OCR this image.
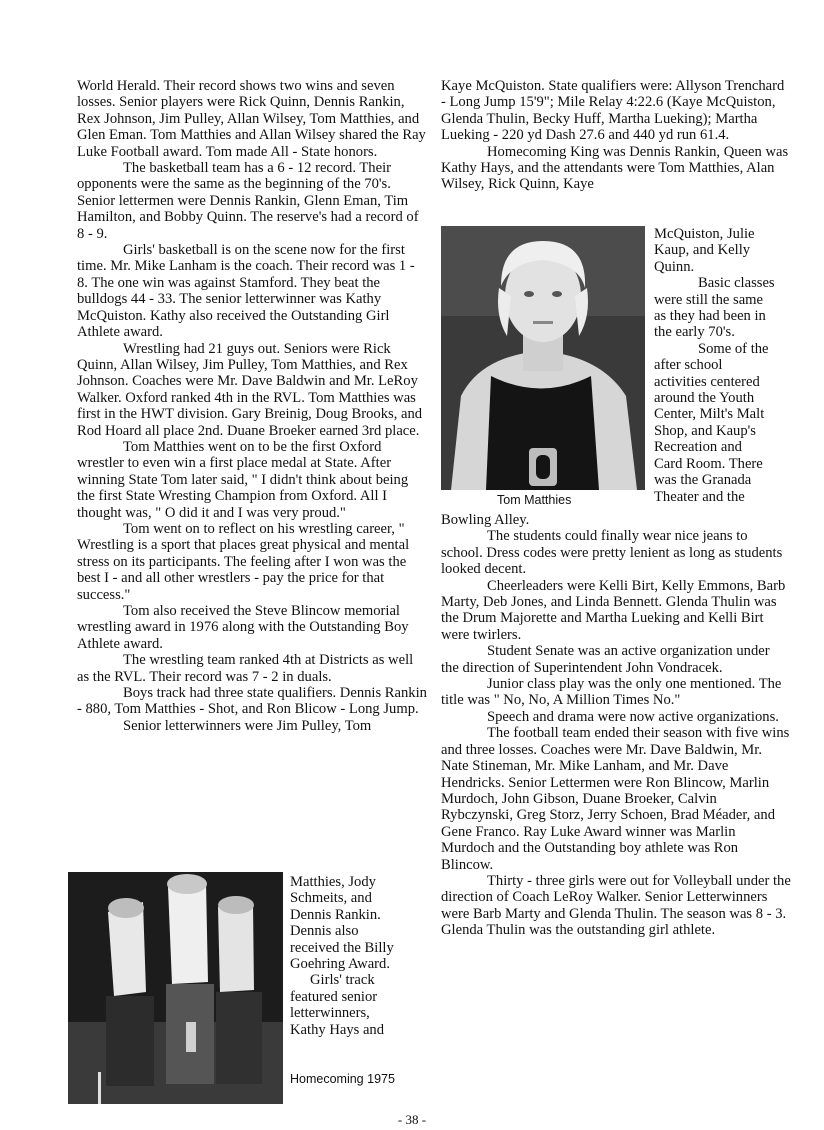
World Herald. Their record shows two wins and seven losses. Senior players were Rick Quinn, Dennis Rankin, Rex Johnson, Jim Pulley, Allan Wilsey, Tom Matthies, and Glen Eman. Tom Matthies and Allan Wilsey shared the Ray Luke Football award. Tom made All - State honors.

The basketball team has a 6 - 12 record. Their opponents were the same as the beginning of the 70's. Senior lettermen were Dennis Rankin, Glenn Eman, Tim Hamilton, and Bobby Quinn. The reserve's had a record of 8 - 9.

Girls' basketball is on the scene now for the first time. Mr. Mike Lanham is the coach. Their record was 1 - 8. The one win was against Stamford. They beat the bulldogs 44 - 33. The senior letterwinner was Kathy McQuiston. Kathy also received the Outstanding Girl Athlete award.

Wrestling had 21 guys out. Seniors were Rick Quinn, Allan Wilsey, Jim Pulley, Tom Matthies, and Rex Johnson. Coaches were Mr. Dave Baldwin and Mr. LeRoy Walker. Oxford ranked 4th in the RVL. Tom Matthies was first in the HWT division. Gary Breinig, Doug Brooks, and Rod Hoard all place 2nd. Duane Broeker earned 3rd place.

Tom Matthies went on to be the first Oxford wrestler to even win a first place medal at State. After winning State Tom later said, " I didn't think about being the first State Wresting Champion from Oxford. All I thought was, " O did it and I was very proud."

Tom went on to reflect on his wrestling career, " Wrestling is a sport that places great physical and mental stress on its participants. The feeling after I won was the best I - and all other wrestlers - pay the price for that success."

Tom also received the Steve Blincow memorial wrestling award in 1976 along with the Outstanding Boy Athlete award.

The wrestling team ranked 4th at Districts as well as the RVL. Their record was 7 - 2 in duals.

Boys track had three state qualifiers. Dennis Rankin - 880, Tom Matthies - Shot, and Ron Blicow - Long Jump.

Senior letterwinners were Jim Pulley, Tom

Matthies, Jody
Schmeits, and
Dennis Rankin.
Dennis also
received the Billy
Goehring Award.
Girls' track
featured senior
letterwinners,
Kathy Hays and
Homecoming 1975

Kaye McQuiston. State qualifiers were: Allyson Trenchard - Long Jump 15'9"; Mile Relay 4:22.6 (Kaye McQuiston, Glenda Thulin, Becky Huff, Martha Lueking); Martha Lueking - 220 yd Dash 27.6 and 440 yd run 61.4.

Homecoming King was Dennis Rankin, Queen was Kathy Hays, and the attendants were Tom Matthies, Alan Wilsey, Rick Quinn, Kaye

McQuiston, Julie
Kaup, and Kelly
Quinn.
Basic classes
were still the same
as they had been in
the early 70's.
Some of the
after school
activities centered
around the Youth
Center, Milt's Malt
Shop, and Kaup's
Recreation and
Card Room. There
was the Granada
Theater and the
Tom Matthies

Bowling Alley.

The students could finally wear nice jeans to school. Dress codes were pretty lenient as long as students looked decent.

Cheerleaders were Kelli Birt, Kelly Emmons, Barb Marty, Deb Jones, and Linda Bennett. Glenda Thulin was the Drum Majorette and Martha Lueking and Kelli Birt were twirlers.

Student Senate was an active organization under the direction of Superintendent John Vondracek.

Junior class play was the only one mentioned. The title was " No, No, A Million Times No."

Speech and drama were now active organizations.

The football team ended their season with five wins and three losses. Coaches were Mr. Dave Baldwin, Mr. Nate Stineman, Mr. Mike Lanham, and Mr. Dave Hendricks. Senior Lettermen were Ron Blincow, Marlin Murdoch, John Gibson, Duane Broeker, Calvin Rybczynski, Greg Storz, Jerry Schoen, Brad Méader, and Gene Franco. Ray Luke Award winner was Marlin Murdoch and the Outstanding boy athlete was Ron Blincow.

Thirty - three girls were out for Volleyball under the direction of Coach LeRoy Walker. Senior Letterwinners were Barb Marty and Glenda Thulin. The season was 8 - 3. Glenda Thulin was the outstanding girl athlete.

- 38 -
